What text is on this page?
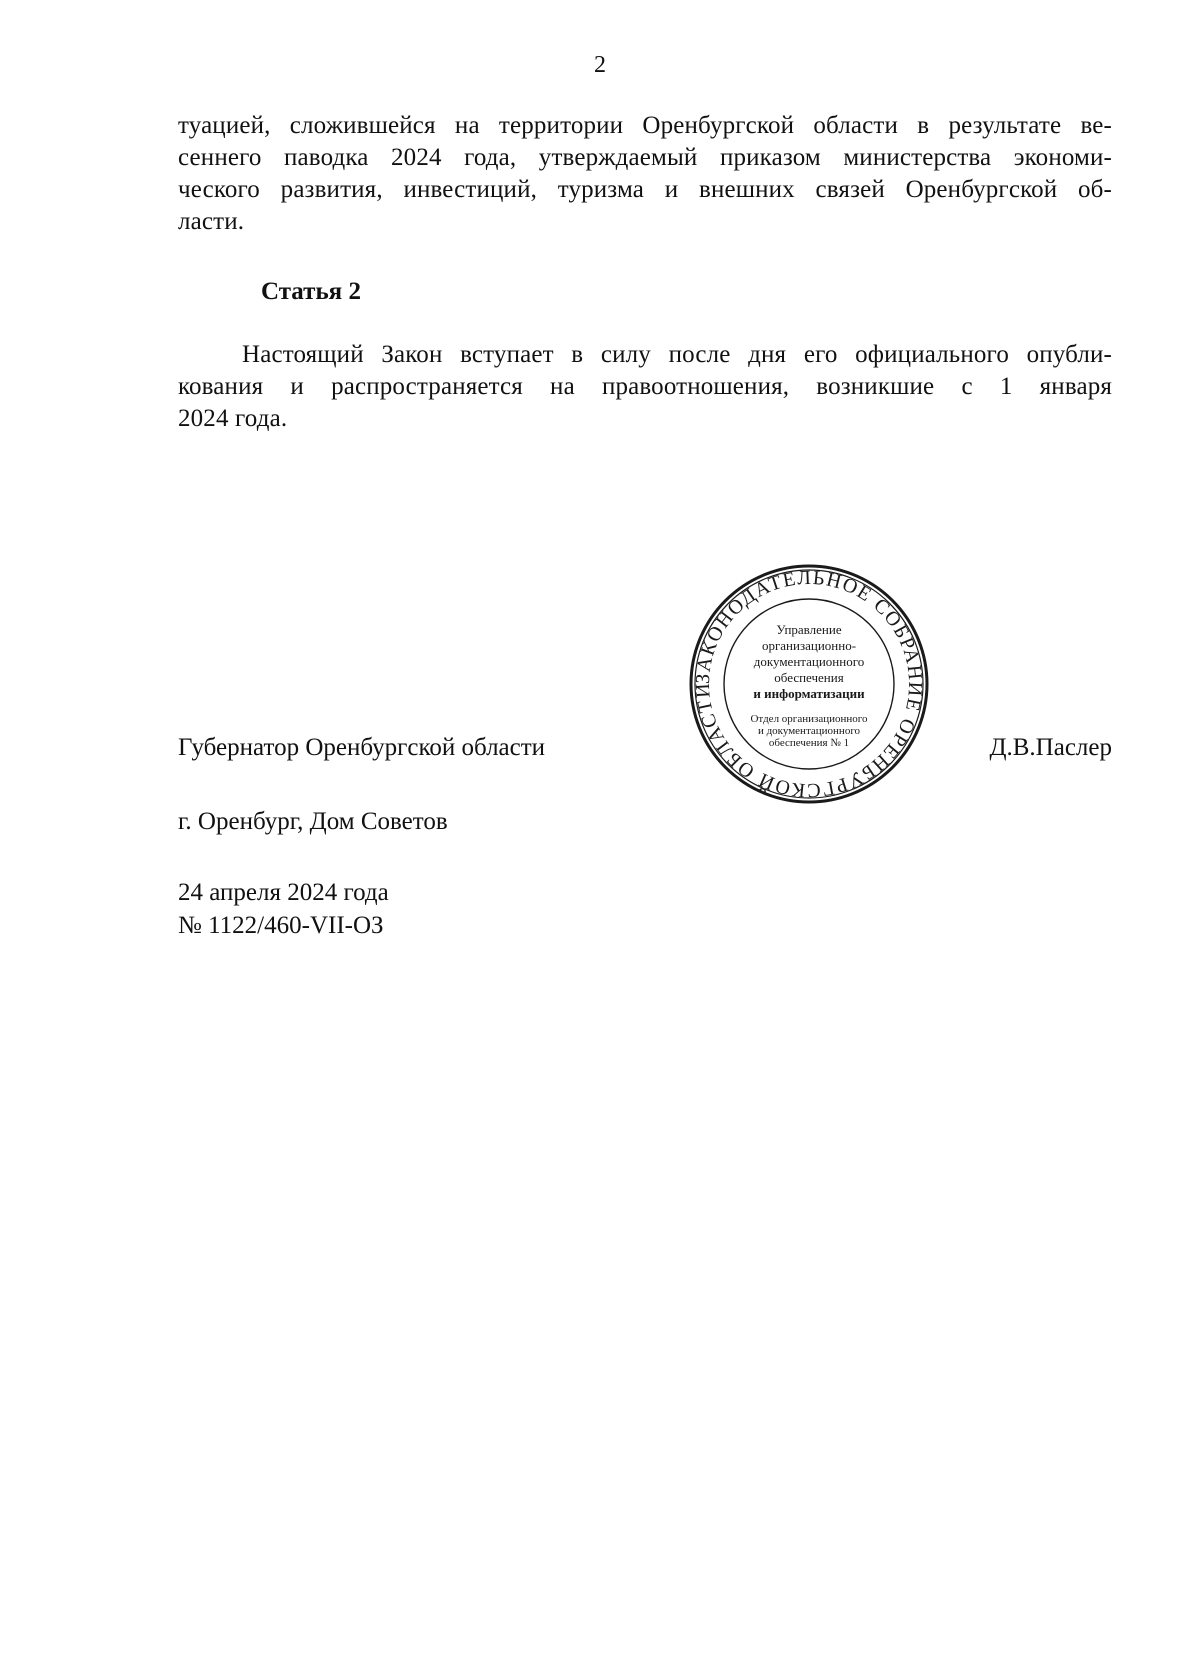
2
туацией, сложившейся на территории Оренбургской области в результате ве-
сеннего паводка 2024 года, утверждаемый приказом министерства экономи-
ческого развития, инвестиций, туризма и внешних связей Оренбургской об-
ласти.
Статья 2
Настоящий Закон вступает в силу после дня его официального опубли-
кования и распространяется на правоотношения, возникшие с 1 января
2024 года.
Губернатор Оренбургской области	Д.В.Паслер
ЗАКОНОДАТЕЛЬНОЕ СОБРАНИЕ ОРЕНБУРГСКОЙ ОБЛАСТИ
Управление
организационно-
документационного
обеспечения
и информатизации
Отдел организационного
и документационного
обеспечения № 1
г. Оренбург, Дом Советов
24 апреля 2024 года
№ 1122/460-VII-ОЗ
